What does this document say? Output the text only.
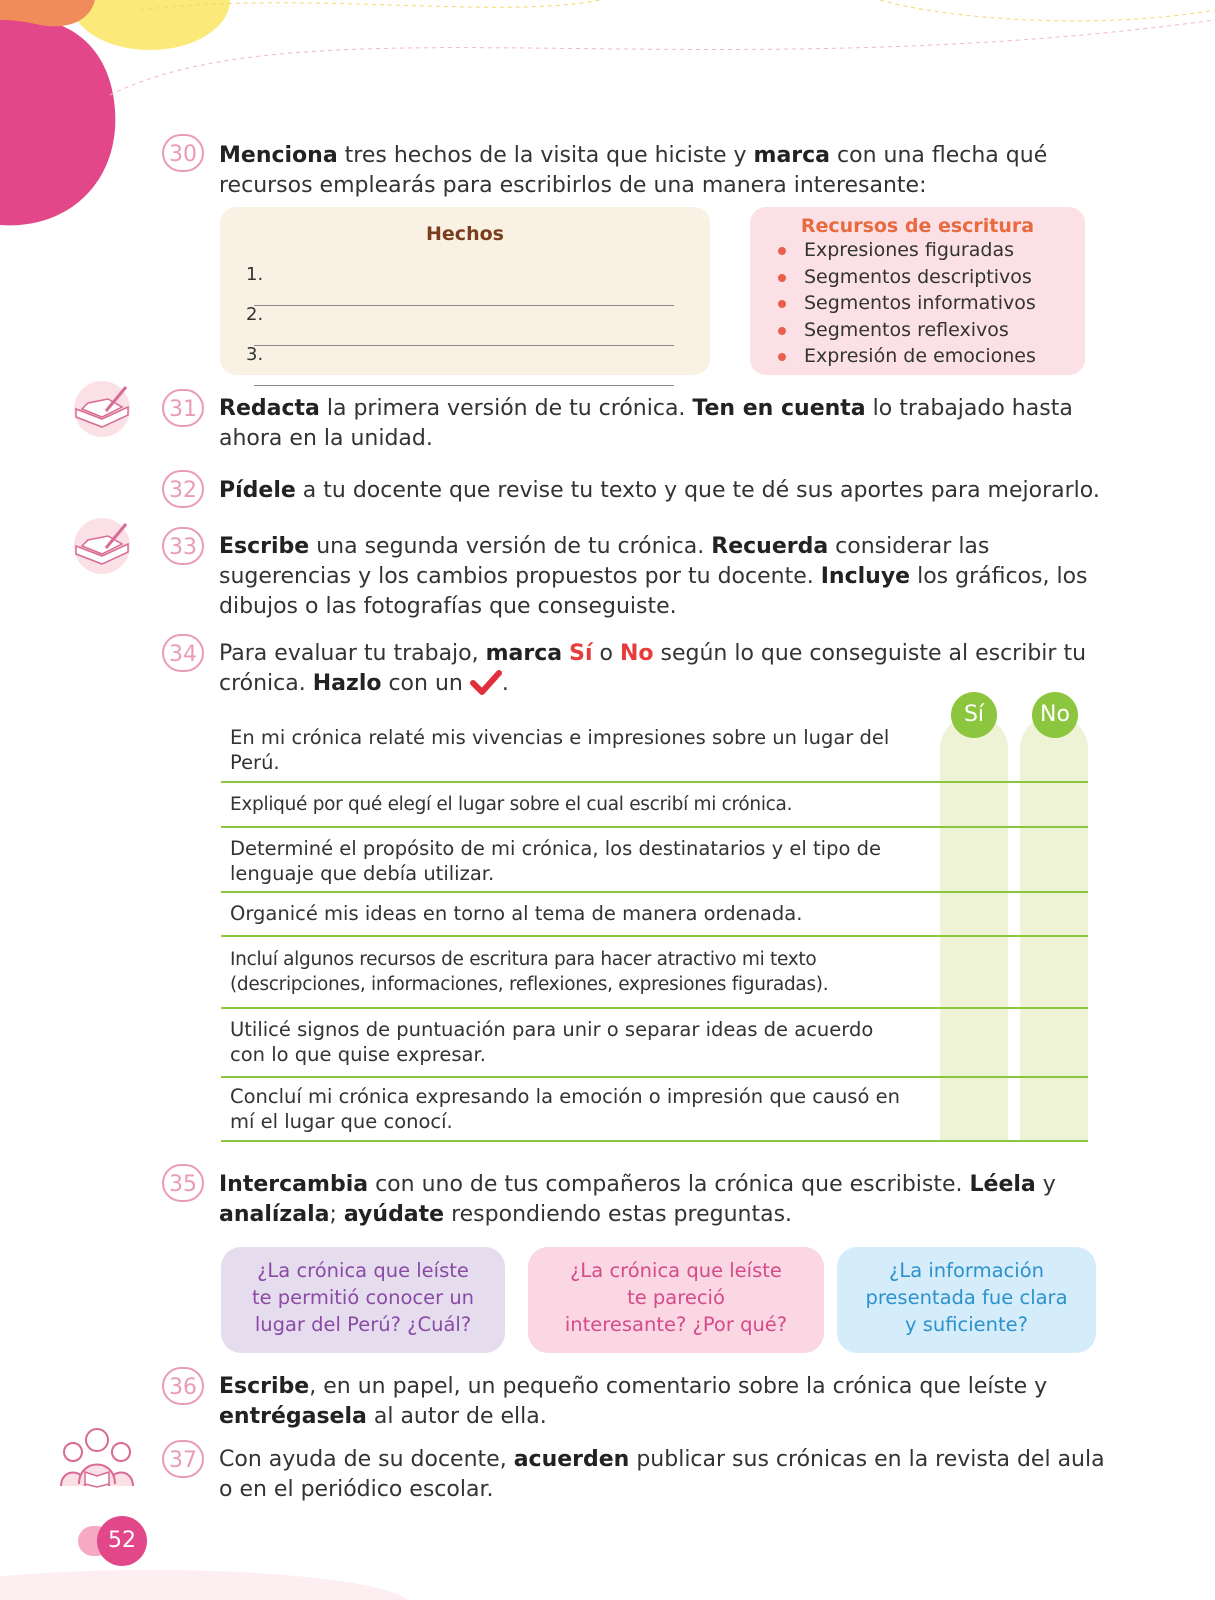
30	Menciona tres hechos de la visita que hiciste y marca con una flecha qué recursos emplearás para escribirlos de una manera interesante:
Hechos
1.
2.
3.
Recursos de escritura
Expresiones figuradas
Segmentos descriptivos
Segmentos informativos
Segmentos reflexivos
Expresión de emociones
31	Redacta la primera versión de tu crónica. Ten en cuenta lo trabajado hasta ahora en la unidad.
32	Pídele a tu docente que revise tu texto y que te dé sus aportes para mejorarlo.
33	Escribe una segunda versión de tu crónica. Recuerda considerar las sugerencias y los cambios propuestos por tu docente. Incluye los gráficos, los dibujos o las fotografías que conseguiste.
34	Para evaluar tu trabajo, marca Sí o No según lo que conseguiste al escribir tu crónica. Hazlo con un .
Sí	No
En mi crónica relaté mis vivencias e impresiones sobre un lugar del Perú.
Expliqué por qué elegí el lugar sobre el cual escribí mi crónica.
Determiné el propósito de mi crónica, los destinatarios y el tipo de lenguaje que debía utilizar.
Organicé mis ideas en torno al tema de manera ordenada.
Incluí algunos recursos de escritura para hacer atractivo mi texto (descripciones, informaciones, reflexiones, expresiones figuradas).
Utilicé signos de puntuación para unir o separar ideas de acuerdo con lo que quise expresar.
Concluí mi crónica expresando la emoción o impresión que causó en mí el lugar que conocí.
35	Intercambia con uno de tus compañeros la crónica que escribiste. Léela y analízala; ayúdate respondiendo estas preguntas.
¿La crónica que leíste te permitió conocer un lugar del Perú? ¿Cuál?
¿La crónica que leíste te pareció interesante? ¿Por qué?
¿La información presentada fue clara y suficiente?
36	Escribe, en un papel, un pequeño comentario sobre la crónica que leíste y entrégasela al autor de ella.
37	Con ayuda de su docente, acuerden publicar sus crónicas en la revista del aula o en el periódico escolar.
52
